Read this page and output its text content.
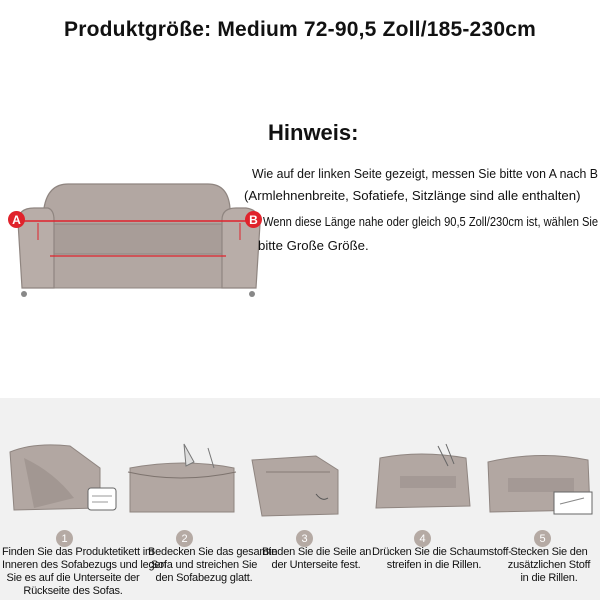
Produktgröße: Medium 72-90,5 Zoll/185-230cm
A	B
Hinweis:
Wie auf der linken Seite gezeigt, messen Sie bitte von A nach B
(Armlehnenbreite, Sofatiefe, Sitzlänge sind alle enthalten)
Wenn diese Länge nahe oder gleich 90,5 Zoll/230cm ist, wählen Sie
bitte Große Größe.
1	2	3	4	5
Finden Sie das Produktetikett im
Inneren des Sofabezugs und legen
Sie es auf die Unterseite der
Rückseite des Sofas.
Bedecken Sie das gesamte
Sofa und streichen Sie
den Sofabezug glatt.
Binden Sie die Seile an
der Unterseite fest.
Drücken Sie die Schaumstoff-
streifen in die Rillen.
Stecken Sie den
zusätzlichen Stoff
in die Rillen.
